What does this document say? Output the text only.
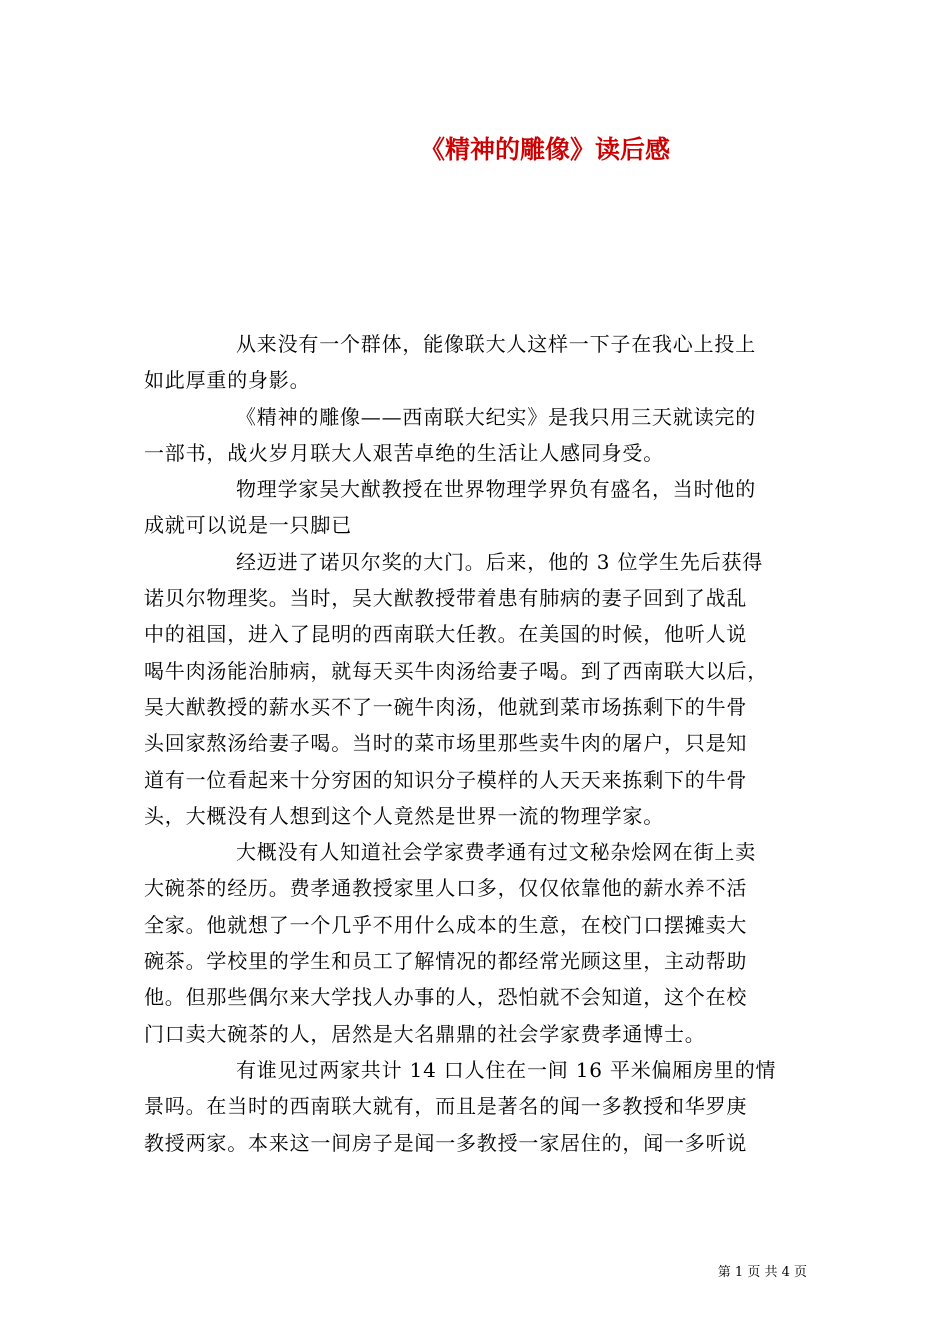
《精神的雕像》读后感

从来没有一个群体，能像联大人这样一下子在我心上投上
如此厚重的身影。

《精神的雕像——西南联大纪实》是我只用三天就读完的
一部书，战火岁月联大人艰苦卓绝的生活让人感同身受。

物理学家吴大猷教授在世界物理学界负有盛名，当时他的
成就可以说是一只脚已

经迈进了诺贝尔奖的大门。后来，他的 3 位学生先后获得
诺贝尔物理奖。当时，吴大猷教授带着患有肺病的妻子回到了战乱
中的祖国，进入了昆明的西南联大任教。在美国的时候，他听人说
喝牛肉汤能治肺病，就每天买牛肉汤给妻子喝。到了西南联大以后，
吴大猷教授的薪水买不了一碗牛肉汤，他就到菜市场拣剩下的牛骨
头回家熬汤给妻子喝。当时的菜市场里那些卖牛肉的屠户，只是知
道有一位看起来十分穷困的知识分子模样的人天天来拣剩下的牛骨
头，大概没有人想到这个人竟然是世界一流的物理学家。

大概没有人知道社会学家费孝通有过文秘杂烩网在街上卖
大碗茶的经历。费孝通教授家里人口多，仅仅依靠他的薪水养不活
全家。他就想了一个几乎不用什么成本的生意，在校门口摆摊卖大
碗茶。学校里的学生和员工了解情况的都经常光顾这里，主动帮助
他。但那些偶尔来大学找人办事的人，恐怕就不会知道，这个在校
门口卖大碗茶的人，居然是大名鼎鼎的社会学家费孝通博士。

有谁见过两家共计 14 口人住在一间 16 平米偏厢房里的情
景吗。在当时的西南联大就有，而且是著名的闻一多教授和华罗庚
教授两家。本来这一间房子是闻一多教授一家居住的，闻一多听说

第 1 页 共 4 页
